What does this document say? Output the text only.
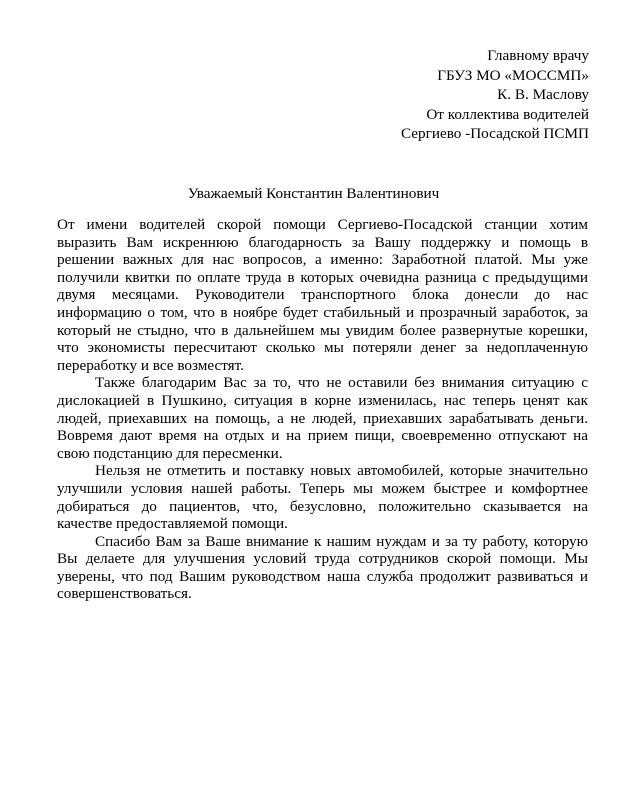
Главному врачу
ГБУЗ МО «МОССМП»
К. В. Маслову
От коллектива водителей
Сергиево -Посадской ПСМП
Уважаемый Константин Валентинович

От имени водителей скорой помощи Сергиево-Посадской станции хотим выразить Вам искреннюю благодарность за Вашу поддержку и помощь в решении важных для нас вопросов, а именно: Заработной платой. Мы уже получили квитки по оплате труда в которых очевидна разница с предыдущими двумя месяцами. Руководители транспортного блока донесли до нас информацию о том, что в ноябре будет стабильный и прозрачный заработок, за который не стыдно, что в дальнейшем мы увидим более развернутые корешки, что экономисты пересчитают сколько мы потеряли денег за недоплаченную переработку и все возместят.

Также благодарим Вас за то, что не оставили без внимания ситуацию с дислокацией в Пушкино, ситуация в корне изменилась, нас теперь ценят как людей, приехавших на помощь, а не людей, приехавших зарабатывать деньги. Вовремя дают время на отдых и на прием пищи, своевременно отпускают на свою подстанцию для пересменки.

Нельзя не отметить и поставку новых автомобилей, которые значительно улучшили условия нашей работы. Теперь мы можем быстрее и комфортнее добираться до пациентов, что, безусловно, положительно сказывается на качестве предоставляемой помощи.

Спасибо Вам за Ваше внимание к нашим нуждам и за ту работу, которую Вы делаете для улучшения условий труда сотрудников скорой помощи. Мы уверены, что под Вашим руководством наша служба продолжит развиваться и совершенствоваться.
